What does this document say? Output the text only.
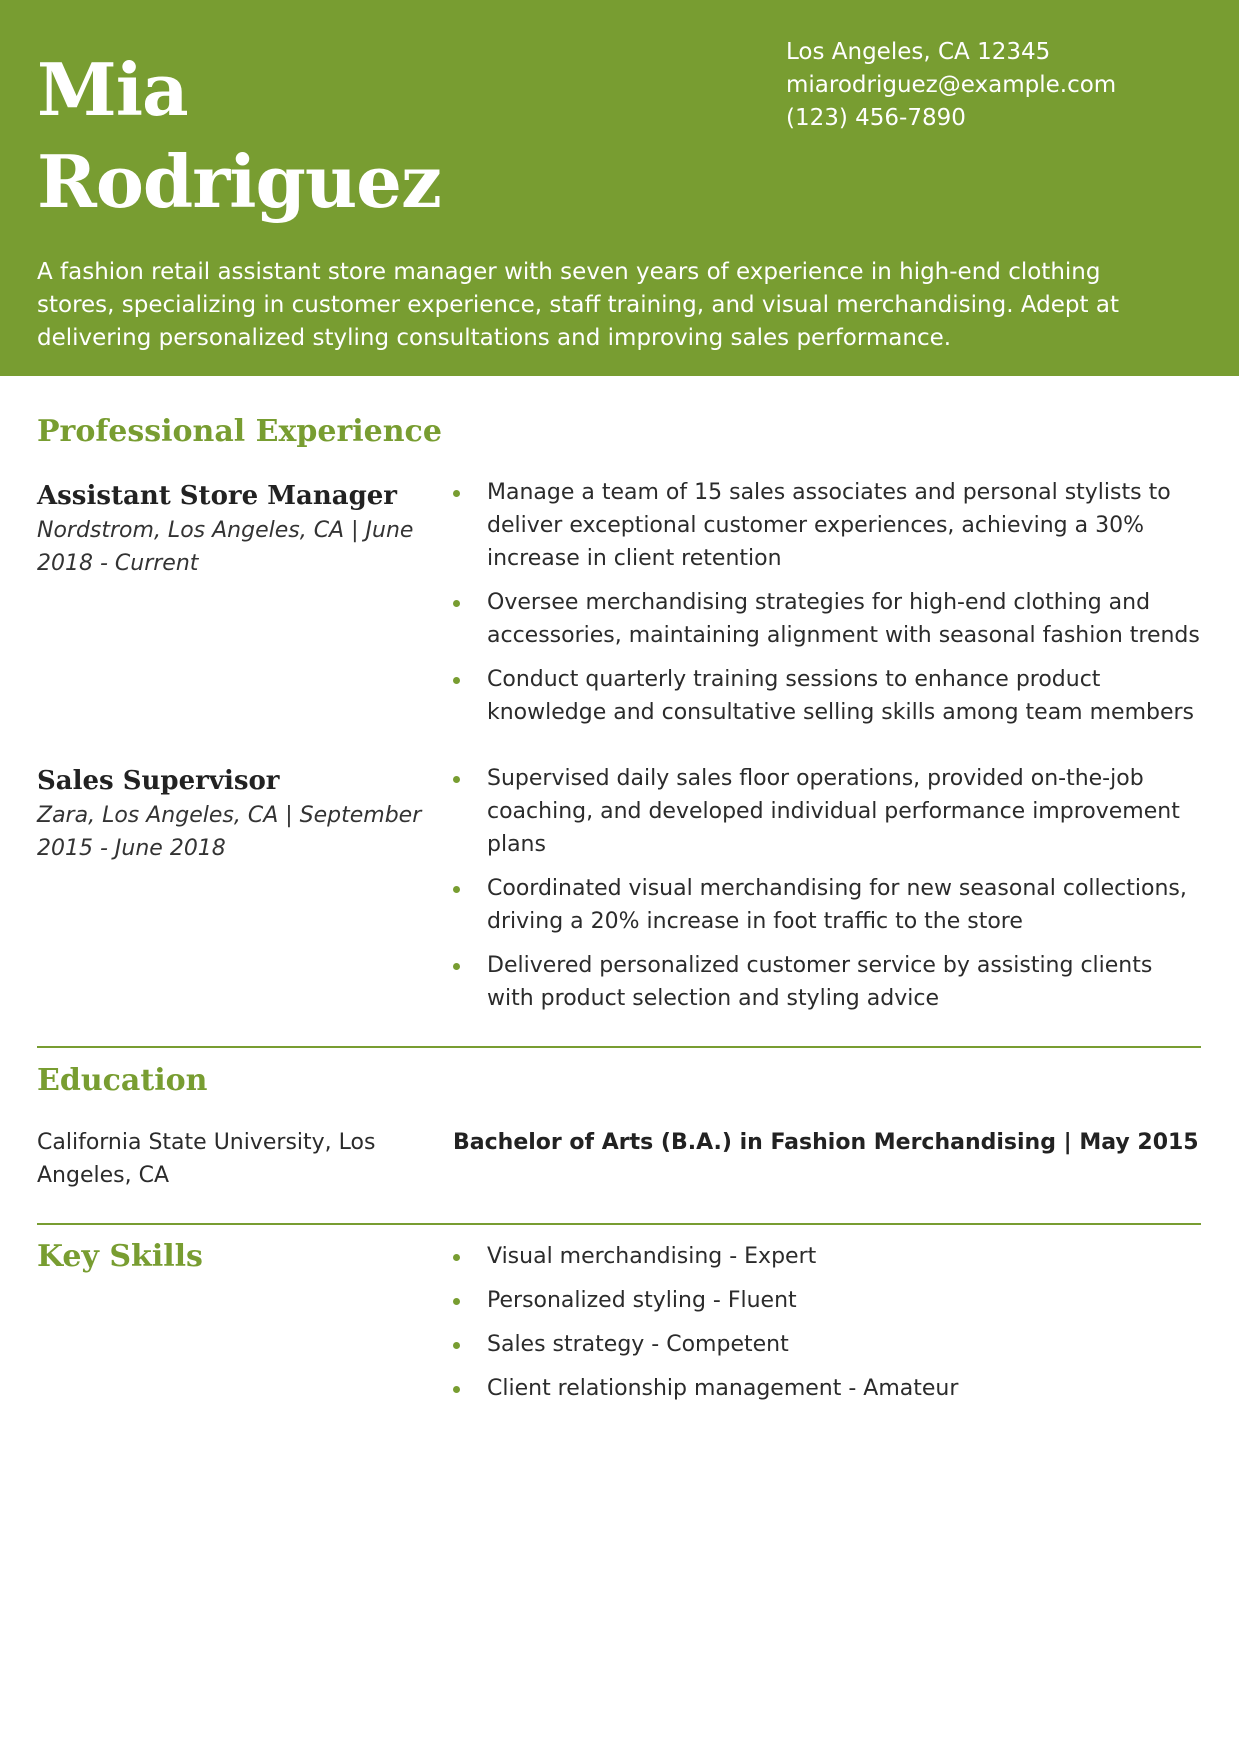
Mia
Rodriguez
Los Angeles, CA 12345
miarodriguez@example.com
(123) 456-7890

A fashion retail assistant store manager with seven years of experience in high-end clothing stores, specializing in customer experience, staff training, and visual merchandising. Adept at delivering personalized styling consultations and improving sales performance.

Professional Experience
Assistant Store Manager

Nordstrom, Los Angeles, CA | June 2018 - Current

Manage a team of 15 sales associates and personal stylists to deliver exceptional customer experiences, achieving a 30% increase in client retention
Oversee merchandising strategies for high-end clothing and accessories, maintaining alignment with seasonal fashion trends
Conduct quarterly training sessions to enhance product knowledge and consultative selling skills among team members
Sales Supervisor

Zara, Los Angeles, CA | September 2015 - June 2018

Supervised daily sales floor operations, provided on-the-job coaching, and developed individual performance improvement plans
Coordinated visual merchandising for new seasonal collections, driving a 20% increase in foot traffic to the store
Delivered personalized customer service by assisting clients with product selection and styling advice
Education

California State University, Los Angeles, CA

Bachelor of Arts (B.A.) in Fashion Merchandising | May 2015

Key Skills	Visual merchandising - Expert
Personalized styling - Fluent
Sales strategy - Competent
Client relationship management - Amateur
